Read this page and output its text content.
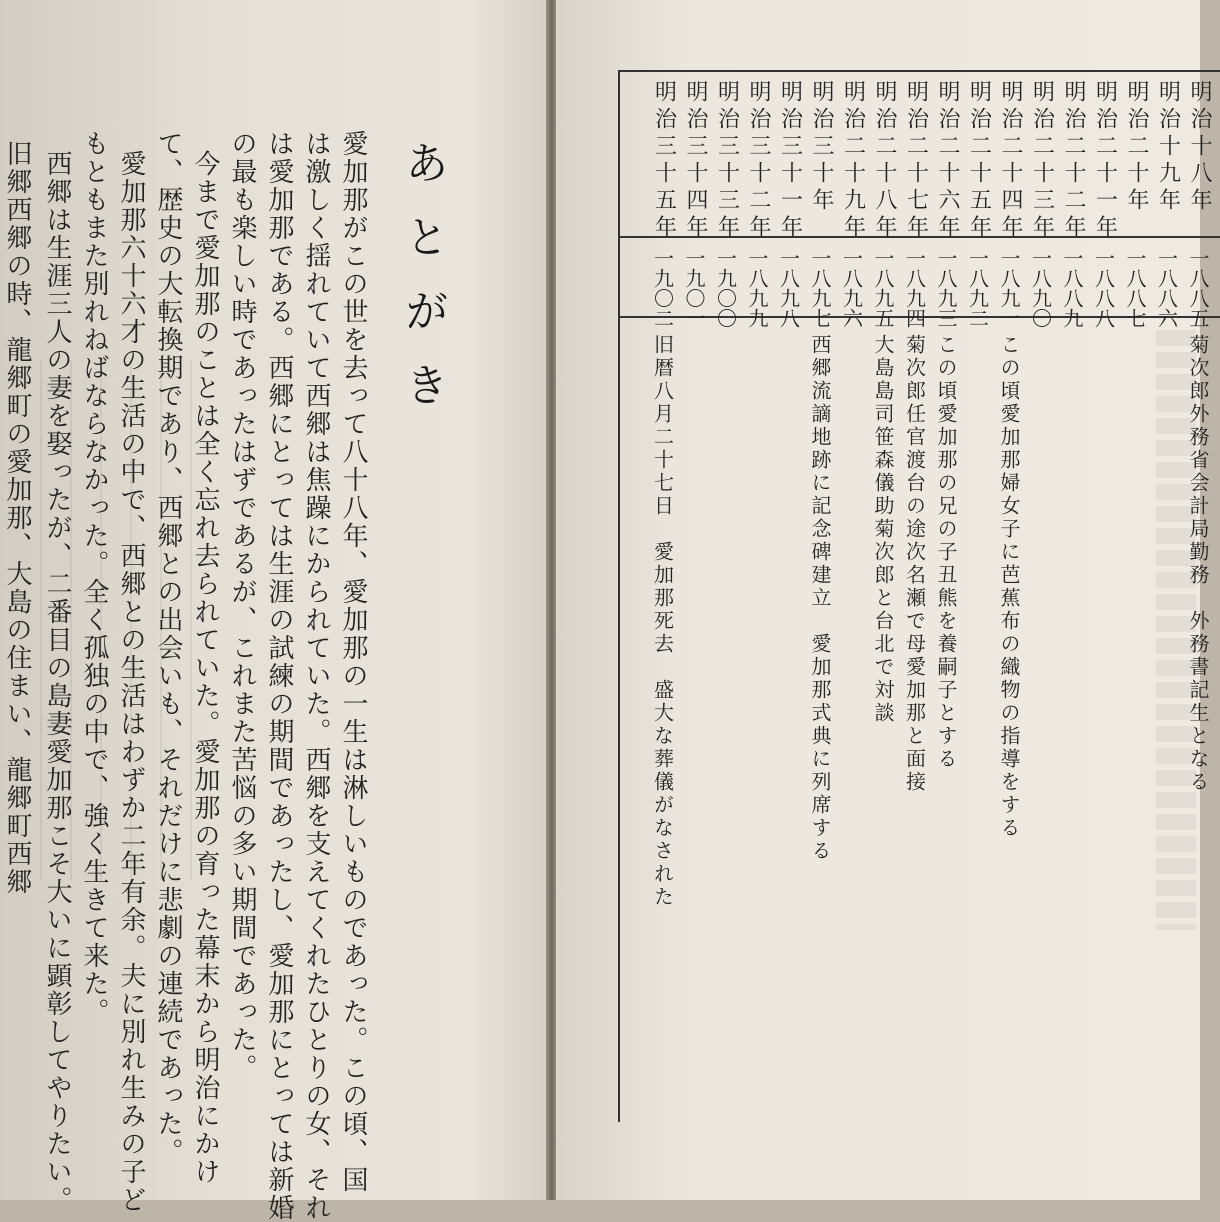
あとがき
愛加那がこの世を去って八十八年、愛加那の一生は淋しいものであった。この頃、国
は激しく揺れていて西郷は焦躁にかられていた。西郷を支えてくれたひとりの女、それ
は愛加那である。西郷にとっては生涯の試練の期間であったし、愛加那にとっては新婚
の最も楽しい時であったはずであるが、これまた苦悩の多い期間であった。
今まで愛加那のことは全く忘れ去られていた。愛加那の育った幕末から明治にかけ
て、歴史の大転換期であり、西郷との出会いも、それだけに悲劇の連続であった。
愛加那六十六才の生活の中で、西郷との生活はわずか二年有余。夫に別れ生みの子ど
もともまた別れねばならなかった。全く孤独の中で、強く生きて来た。
西郷は生涯三人の妻を娶ったが、二番目の島妻愛加那こそ大いに顕彰してやりたい。
旧郷西郷の時、龍郷町の愛加那、大島の住まい、龍郷町西郷	明治十八年
一八八五
菊次郎外務省会計局勤務　外務書記生となる
明治十九年
一八八六
明治二十年
一八八七
明治二十一年
一八八八
明治二十二年
一八八九
明治二十三年
一八九〇
明治二十四年
一八九一
この頃愛加那婦女子に芭蕉布の織物の指導をする
明治二十五年
一八九二
明治二十六年
一八九三
この頃愛加那の兄の子丑熊を養嗣子とする
明治二十七年
一八九四
菊次郎任官渡台の途次名瀬で母愛加那と面接
明治二十八年
一八九五
大島島司笹森儀助菊次郎と台北で対談
明治二十九年
一八九六
明治三十年
一八九七
西郷流謫地跡に記念碑建立　愛加那式典に列席する
明治三十一年
一八九八
明治三十二年
一八九九
明治三十三年
一九〇〇
明治三十四年
一九〇一
明治三十五年
一九〇二
旧暦八月二十七日　愛加那死去　盛大な葬儀がなされた
